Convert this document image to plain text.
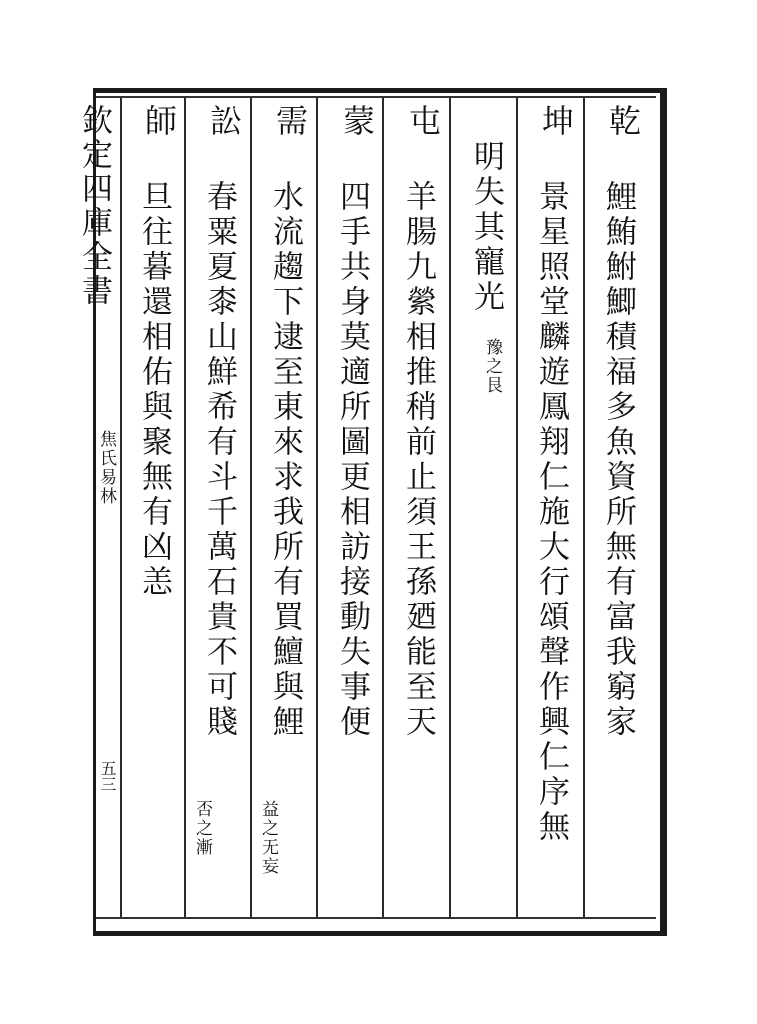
欽定四庫全書
焦氏易林
五三
乾
鯉鮪鮒鯽積福多魚資所無有富我窮家
坤
景星照堂麟遊鳳翔仁施大行頌聲作興仁序無
明失其寵光
豫之艮
屯
羊腸九縈相推稍前止須王孫廼能至天
蒙
四手共身莫適所圖更相訪接動失事便
需
水流趨下逮至東來求我所有買鱣與鯉
益之无妄
訟
春粟夏桼山鮮希有斗千萬石貴不可賤
否之漸
師
旦往暮還相佑與聚無有凶恙
